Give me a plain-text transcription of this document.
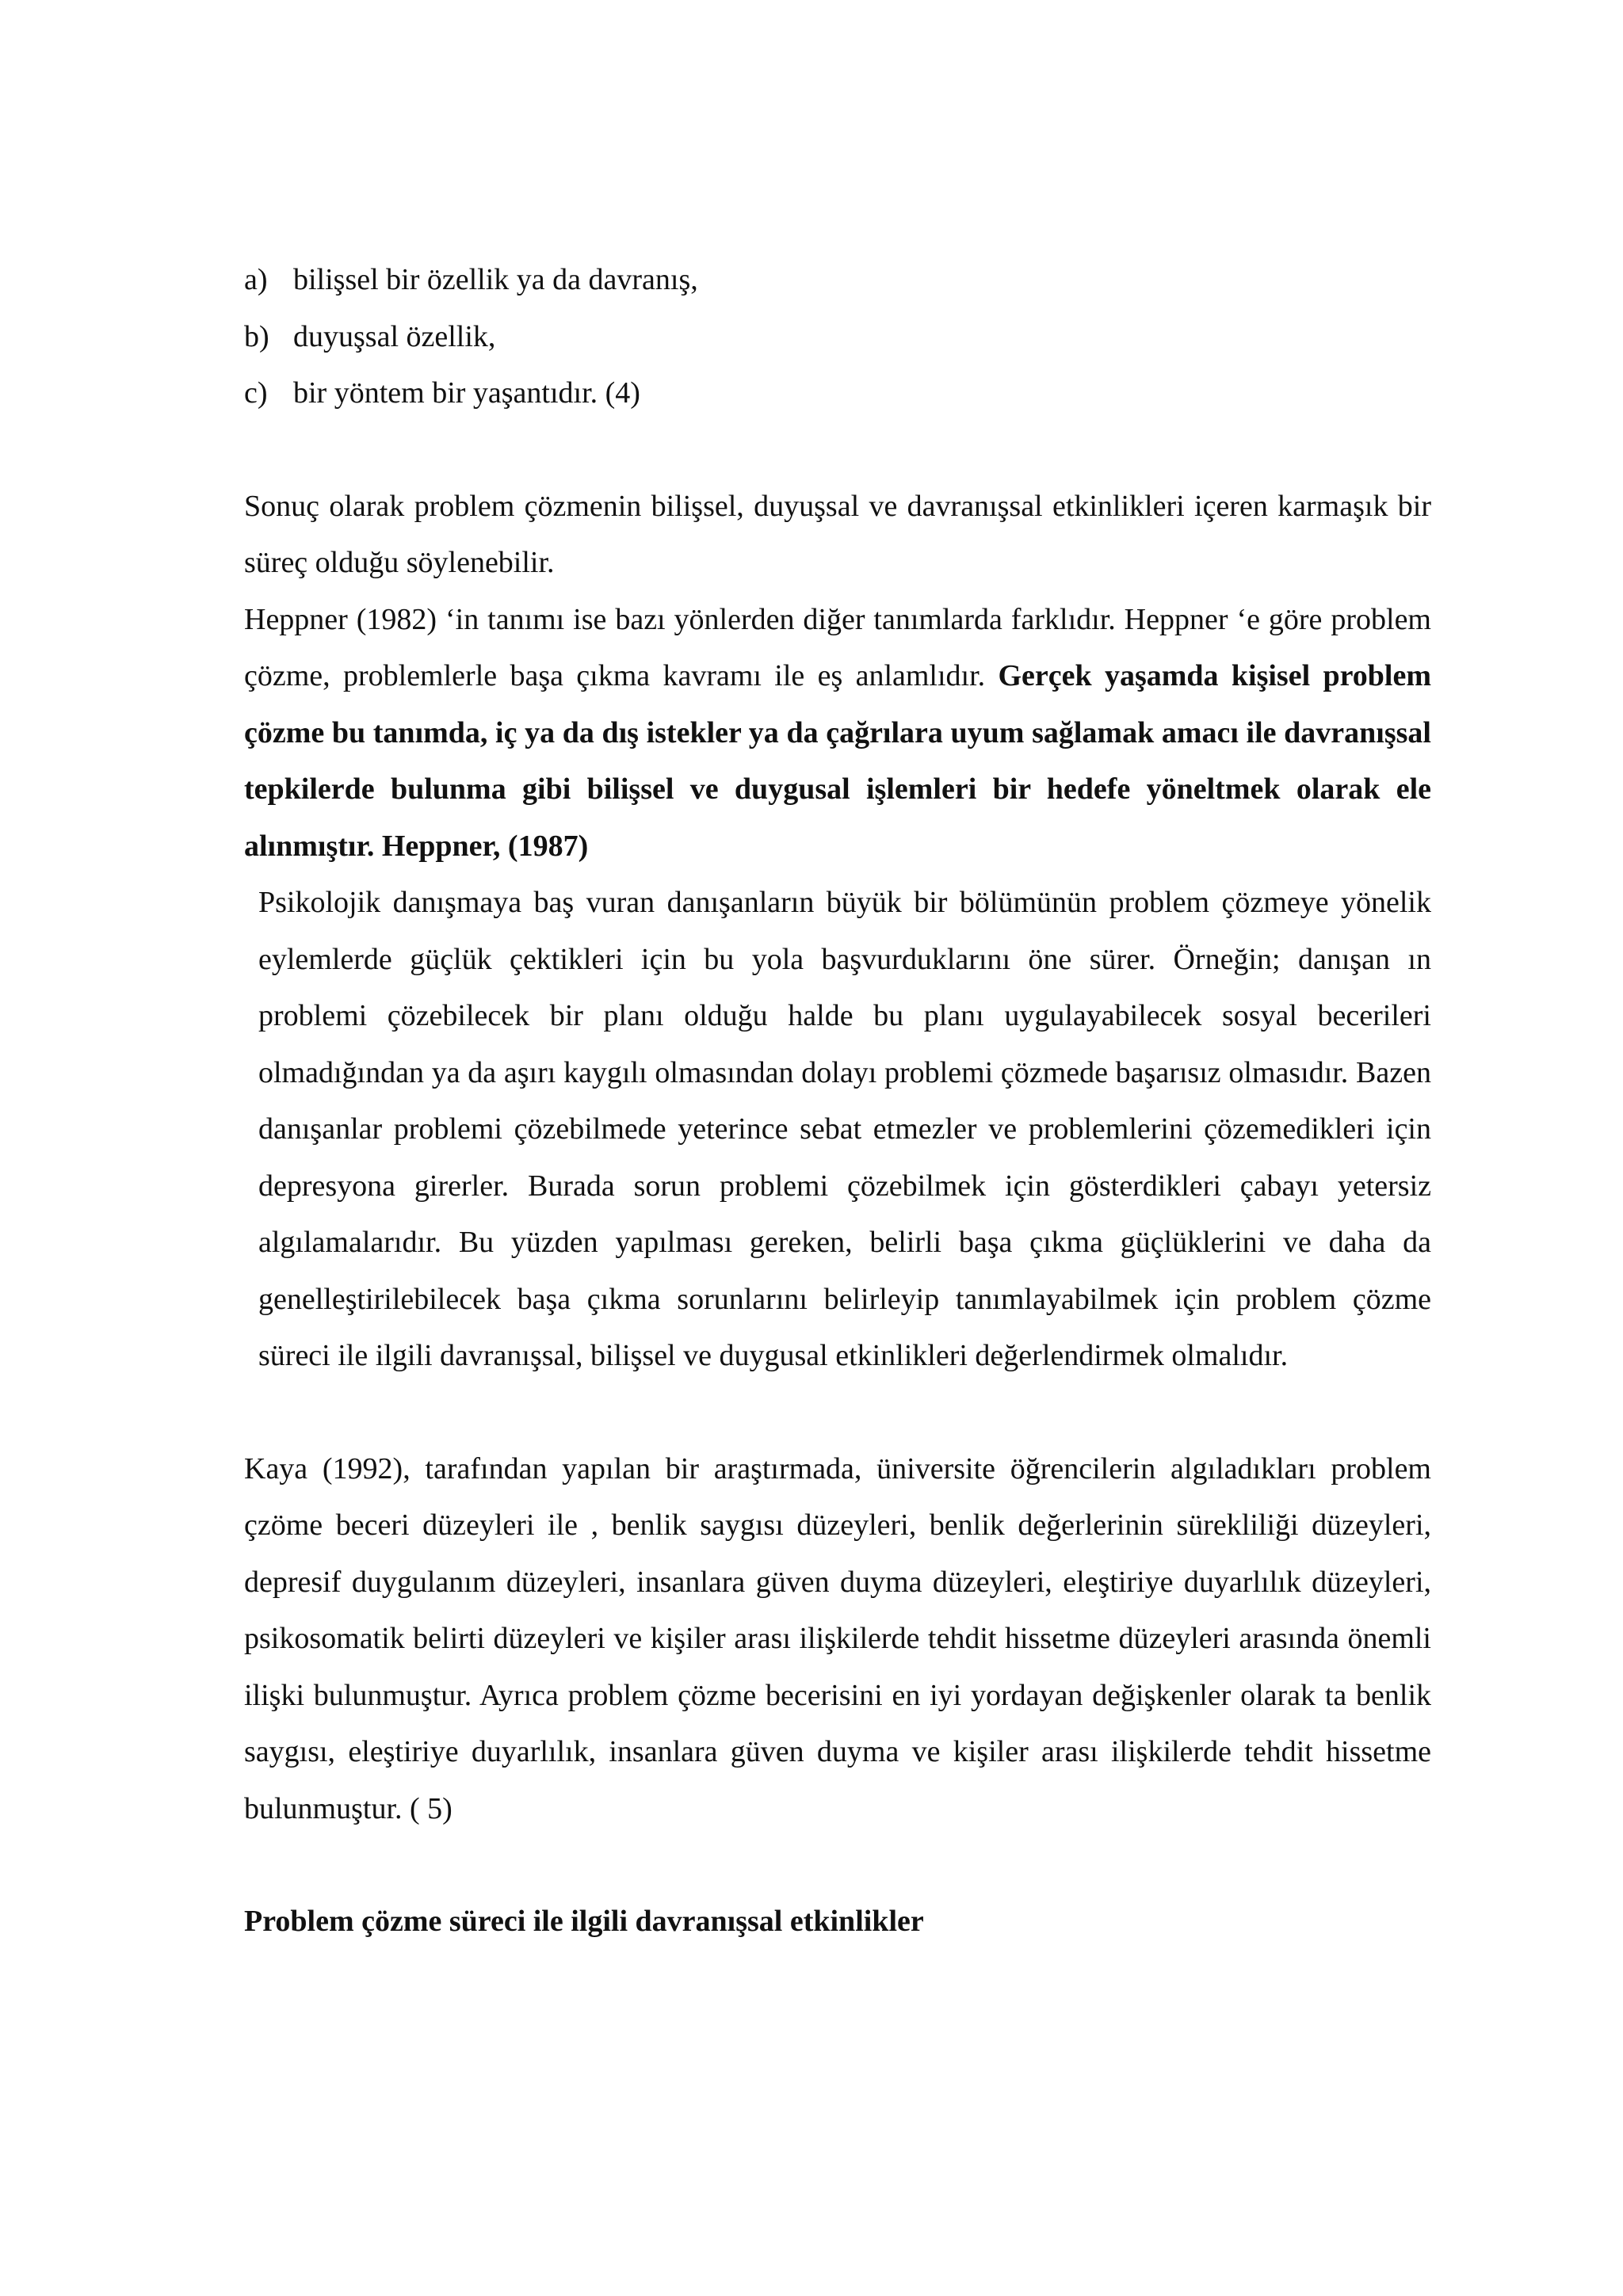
a) bilişsel bir özellik ya da davranış,
b) duyuşsal özellik,
c) bir yöntem bir yaşantıdır. (4)

Sonuç olarak problem çözmenin bilişsel, duyuşsal ve davranışsal etkinlikleri içeren karmaşık bir süreç olduğu söylenebilir.

Heppner (1982) ‘in tanımı ise bazı yönlerden diğer tanımlarda farklıdır. Heppner ‘e göre problem çözme, problemlerle başa çıkma kavramı ile eş anlamlıdır. Gerçek yaşamda kişisel problem çözme bu tanımda, iç ya da dış istekler ya da çağrılara uyum sağlamak amacı ile davranışsal tepkilerde bulunma gibi bilişsel ve duygusal işlemleri bir hedefe yöneltmek olarak ele alınmıştır. Heppner, (1987)

Psikolojik danışmaya baş vuran danışanların büyük bir bölümünün problem çözmeye yönelik eylemlerde güçlük çektikleri için bu yola başvurduklarını öne sürer. Örneğin; danışan ın problemi çözebilecek bir planı olduğu halde bu planı uygulayabilecek sosyal becerileri olmadığından ya da aşırı kaygılı olmasından dolayı problemi çözmede başarısız olmasıdır. Bazen danışanlar problemi çözebilmede yeterince sebat etmezler ve problemlerini çözemedikleri için depresyona girerler. Burada sorun problemi çözebilmek için gösterdikleri çabayı yetersiz algılamalarıdır. Bu yüzden yapılması gereken, belirli başa çıkma güçlüklerini ve daha da genelleştirilebilecek başa çıkma sorunlarını belirleyip tanımlayabilmek için problem çözme süreci ile ilgili davranışsal, bilişsel ve duygusal etkinlikleri değerlendirmek olmalıdır.

Kaya (1992), tarafından yapılan bir araştırmada, üniversite öğrencilerin algıladıkları problem çzöme beceri düzeyleri ile , benlik saygısı düzeyleri, benlik değerlerinin sürekliliği düzeyleri, depresif duygulanım düzeyleri, insanlara güven duyma düzeyleri, eleştiriye duyarlılık düzeyleri, psikosomatik belirti düzeyleri ve kişiler arası ilişkilerde tehdit hissetme düzeyleri arasında önemli ilişki bulunmuştur. Ayrıca problem çözme becerisini en iyi yordayan değişkenler olarak ta benlik saygısı, eleştiriye duyarlılık, insanlara güven duyma ve kişiler arası ilişkilerde tehdit hissetme bulunmuştur. ( 5)

Problem çözme süreci ile ilgili davranışsal etkinlikler
